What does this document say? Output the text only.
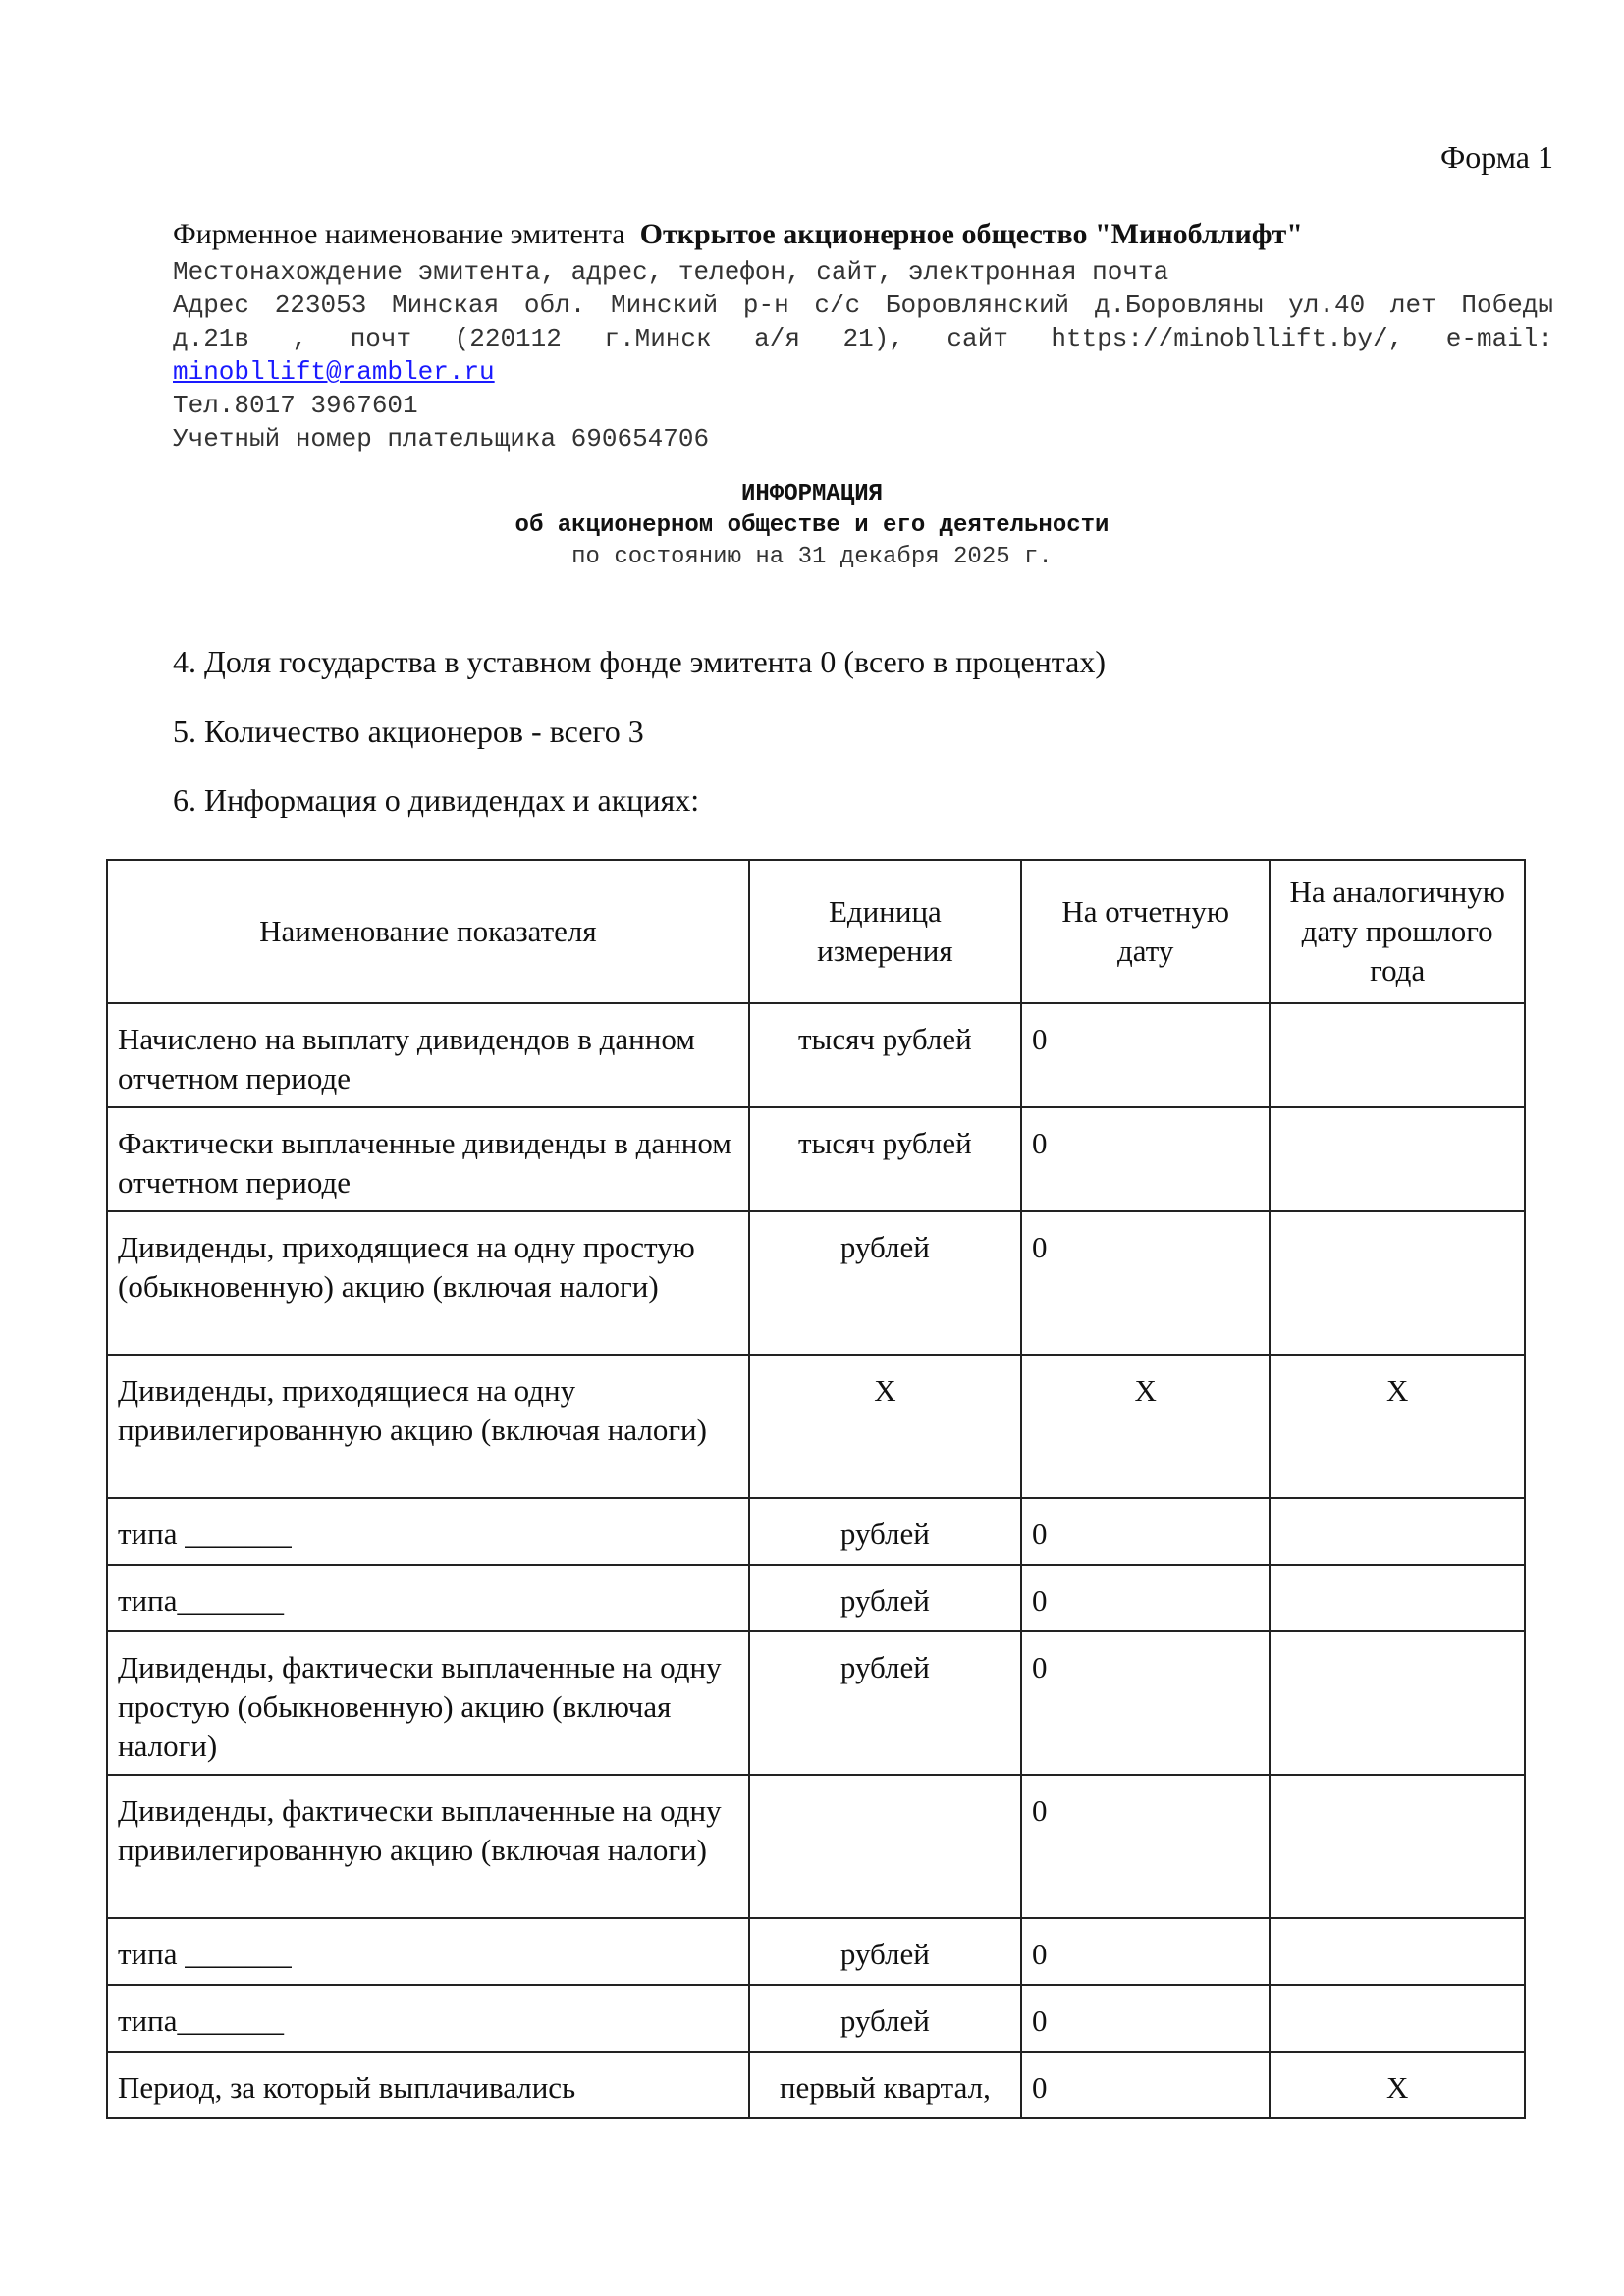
Форма 1
Фирменное наименование эмитента Открытое акционерное общество "Минобллифт"
Местонахождение эмитента, адрес, телефон, сайт, электронная почта
Адрес 223053 Минская обл. Минский р-н с/с Боровлянский д.Боровляны ул.40 лет Победы
д.21в , почт (220112 г.Минск а/я 21), сайт https://minobllift.by/, e-mail:
minobllift@rambler.ru
Тел.8017 3967601
Учетный номер плательщика 690654706
ИНФОРМАЦИЯ
об акционерном обществе и его деятельности
по состоянию на 31 декабря 2025 г.
4. Доля государства в уставном фонде эмитента 0 (всего в процентах)
5. Количество акционеров - всего 3
6. Информация о дивидендах и акциях:
Наименование показателя	Единица измерения	На отчетную дату	На аналогичную дату прошлого года
Начислено на выплату дивидендов в данном отчетном периоде	тысяч рублей	0	
Фактически выплаченные дивиденды в данном отчетном периоде	тысяч рублей	0	
Дивиденды, приходящиеся на одну простую (обыкновенную) акцию (включая налоги)	рублей	0	
Дивиденды, приходящиеся на одну привилегированную акцию (включая налоги)	Х	Х	Х
типа _______	рублей	0	
типа_______	рублей	0	
Дивиденды, фактически выплаченные на одну простую (обыкновенную) акцию (включая налоги)	рублей	0	
Дивиденды, фактически выплаченные на одну привилегированную акцию (включая налоги)		0	
типа _______	рублей	0	
типа_______	рублей	0	
Период, за который выплачивались	первый квартал,	0	Х
